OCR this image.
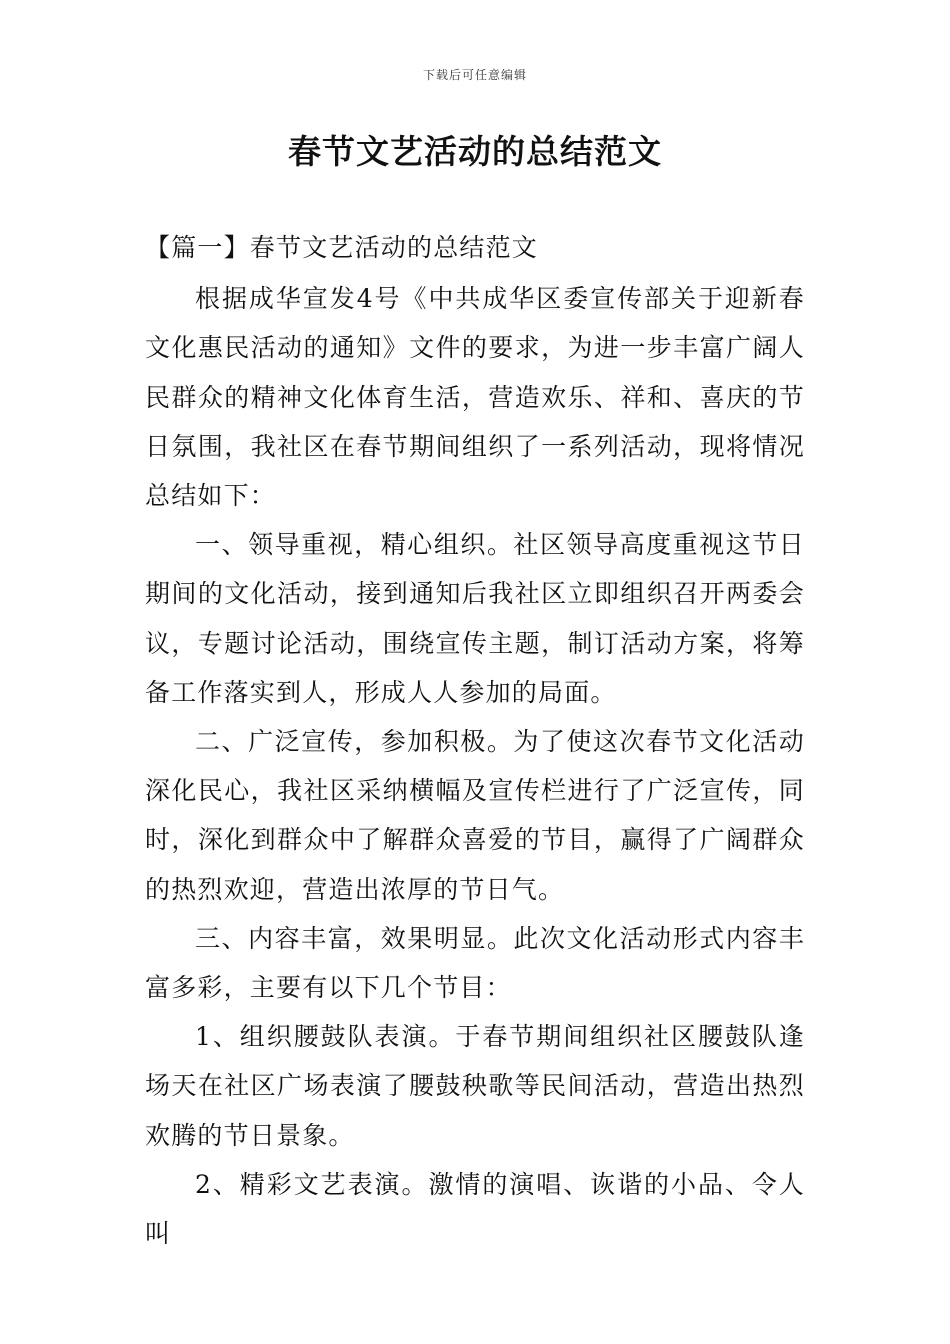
下载后可任意编辑
春节文艺活动的总结范文

【篇一】春节文艺活动的总结范文

根据成华宣发4号《中共成华区委宣传部关于迎新春文化惠民活动的通知》文件的要求，为进一步丰富广阔人民群众的精神文化体育生活，营造欢乐、祥和、喜庆的节日氛围，我社区在春节期间组织了一系列活动，现将情况总结如下：

一、领导重视，精心组织。社区领导高度重视这节日期间的文化活动，接到通知后我社区立即组织召开两委会议，专题讨论活动，围绕宣传主题，制订活动方案，将筹备工作落实到人，形成人人参加的局面。

二、广泛宣传，参加积极。为了使这次春节文化活动深化民心，我社区采纳横幅及宣传栏进行了广泛宣传，同时，深化到群众中了解群众喜爱的节目，赢得了广阔群众的热烈欢迎，营造出浓厚的节日气。

三、内容丰富，效果明显。此次文化活动形式内容丰富多彩，主要有以下几个节目：

1、组织腰鼓队表演。于春节期间组织社区腰鼓队逢场天在社区广场表演了腰鼓秧歌等民间活动，营造出热烈欢腾的节日景象。

2、精彩文艺表演。激情的演唱、诙谐的小品、令人叫
